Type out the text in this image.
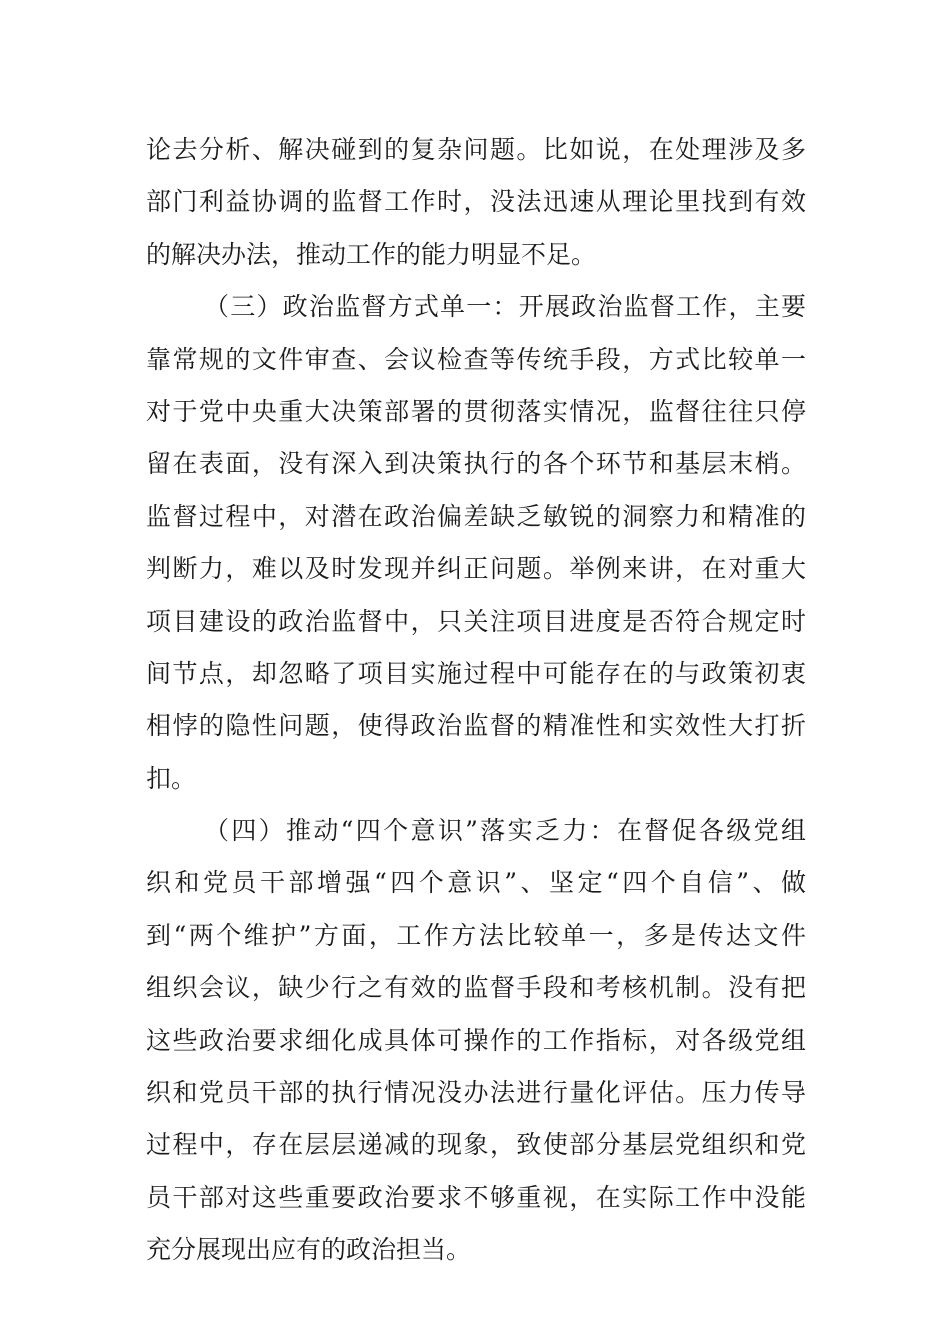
论去分析、解决碰到的复杂问题。比如说，在处理涉及多
部门利益协调的监督工作时，没法迅速从理论里找到有效
的解决办法，推动工作的能力明显不足。
（三）政治监督方式单一：开展政治监督工作，主要
靠常规的文件审查、会议检查等传统手段，方式比较单一
对于党中央重大决策部署的贯彻落实情况，监督往往只停
留在表面，没有深入到决策执行的各个环节和基层末梢。
监督过程中，对潜在政治偏差缺乏敏锐的洞察力和精准的
判断力，难以及时发现并纠正问题。举例来讲，在对重大
项目建设的政治监督中，只关注项目进度是否符合规定时
间节点，却忽略了项目实施过程中可能存在的与政策初衷
相悖的隐性问题，使得政治监督的精准性和实效性大打折
扣。
（四）推动“四个意识”落实乏力：在督促各级党组
织和党员干部增强“四个意识”、坚定“四个自信”、做
到“两个维护”方面，工作方法比较单一，多是传达文件
组织会议，缺少行之有效的监督手段和考核机制。没有把
这些政治要求细化成具体可操作的工作指标，对各级党组
织和党员干部的执行情况没办法进行量化评估。压力传导
过程中，存在层层递减的现象，致使部分基层党组织和党
员干部对这些重要政治要求不够重视，在实际工作中没能
充分展现出应有的政治担当。
